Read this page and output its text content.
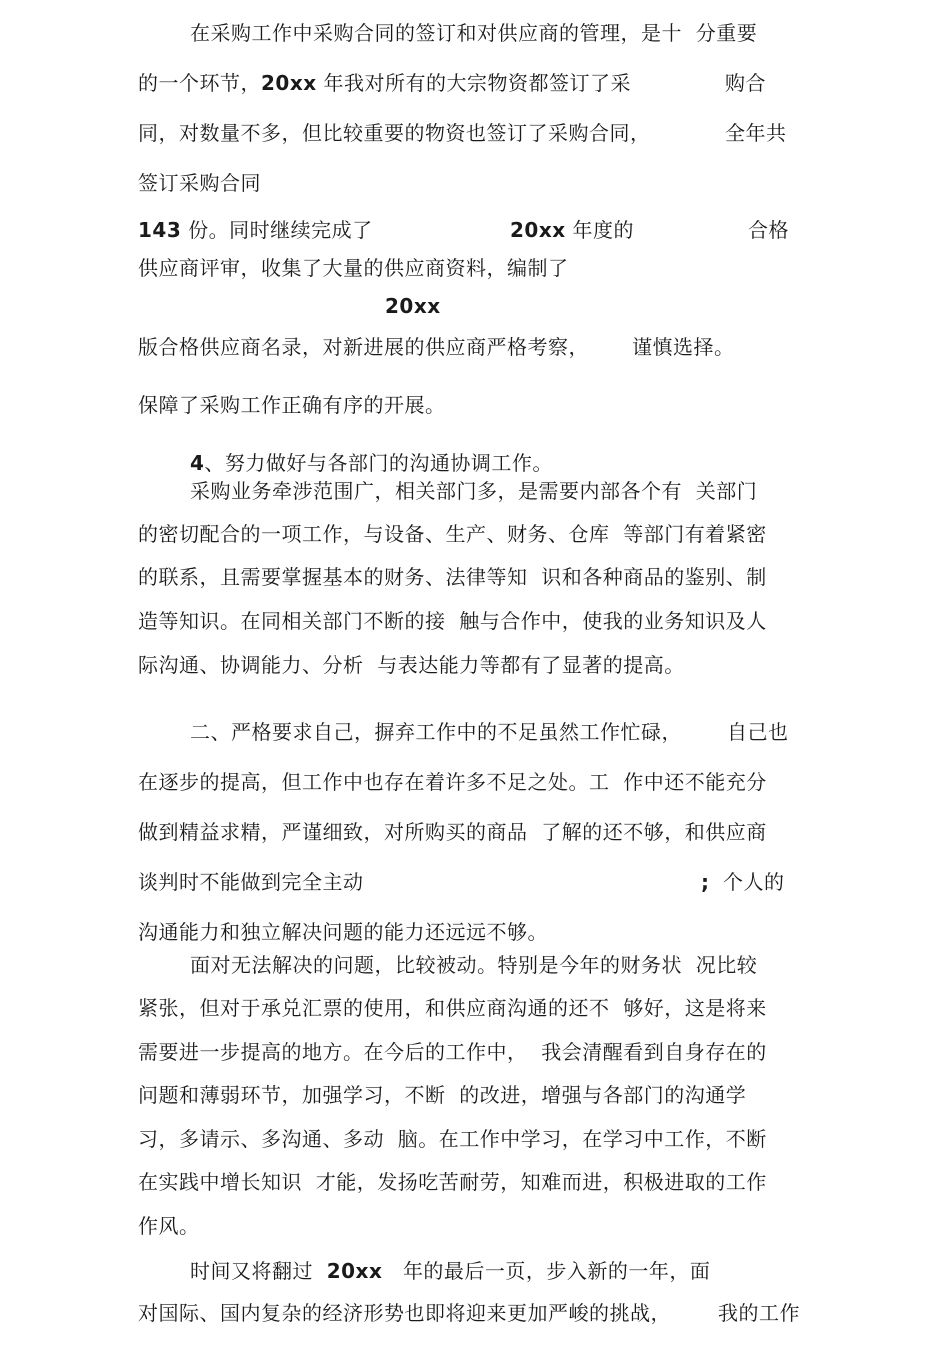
在采购工作中采购合同的签订和对供应商的管理，是十  分重要
的一个环节，20xx 年我对所有的大宗物资都签订了采	购合
同，对数量不多，但比较重要的物资也签订了采购合同，	全年共
签订采购合同
143 份。同时继续完成了	20xx 年度的	合格
供应商评审，收集了大量的供应商资料，编制了
20xx
版合格供应商名录，对新进展的供应商严格考察， 谨慎选择。
保障了采购工作正确有序的开展。
4、努力做好与各部门的沟通协调工作。
采购业务牵涉范围广，相关部门多，是需要内部各个有  关部门
的密切配合的一项工作，与设备、生产、财务、仓库  等部门有着紧密
的联系，且需要掌握基本的财务、法律等知  识和各种商品的鉴别、制
造等知识。在同相关部门不断的接  触与合作中，使我的业务知识及人
际沟通、协调能力、分析  与表达能力等都有了显著的提高。
二、严格要求自己，摒弃工作中的不足虽然工作忙碌， 自己也
在逐步的提高，但工作中也存在着许多不足之处。工  作中还不能充分
做到精益求精，严谨细致，对所购买的商品  了解的还不够，和供应商
谈判时不能做到完全主动	; 个人的
沟通能力和独立解决问题的能力还远远不够。
面对无法解决的问题，比较被动。特别是今年的财务状  况比较
紧张，但对于承兑汇票的使用，和供应商沟通的还不  够好，这是将来
需要进一步提高的地方。在今后的工作中，  我会清醒看到自身存在的
问题和薄弱环节，加强学习，不断  的改进，增强与各部门的沟通学
习，多请示、多沟通、多动  脑。在工作中学习，在学习中工作，不断
在实践中增长知识  才能，发扬吃苦耐劳，知难而进，积极进取的工作
作风。
时间又将翻过 20xx 年的最后一页，步入新的一年，面
对国际、国内复杂的经济形势也即将迎来更加严峻的挑战， 我的工作
